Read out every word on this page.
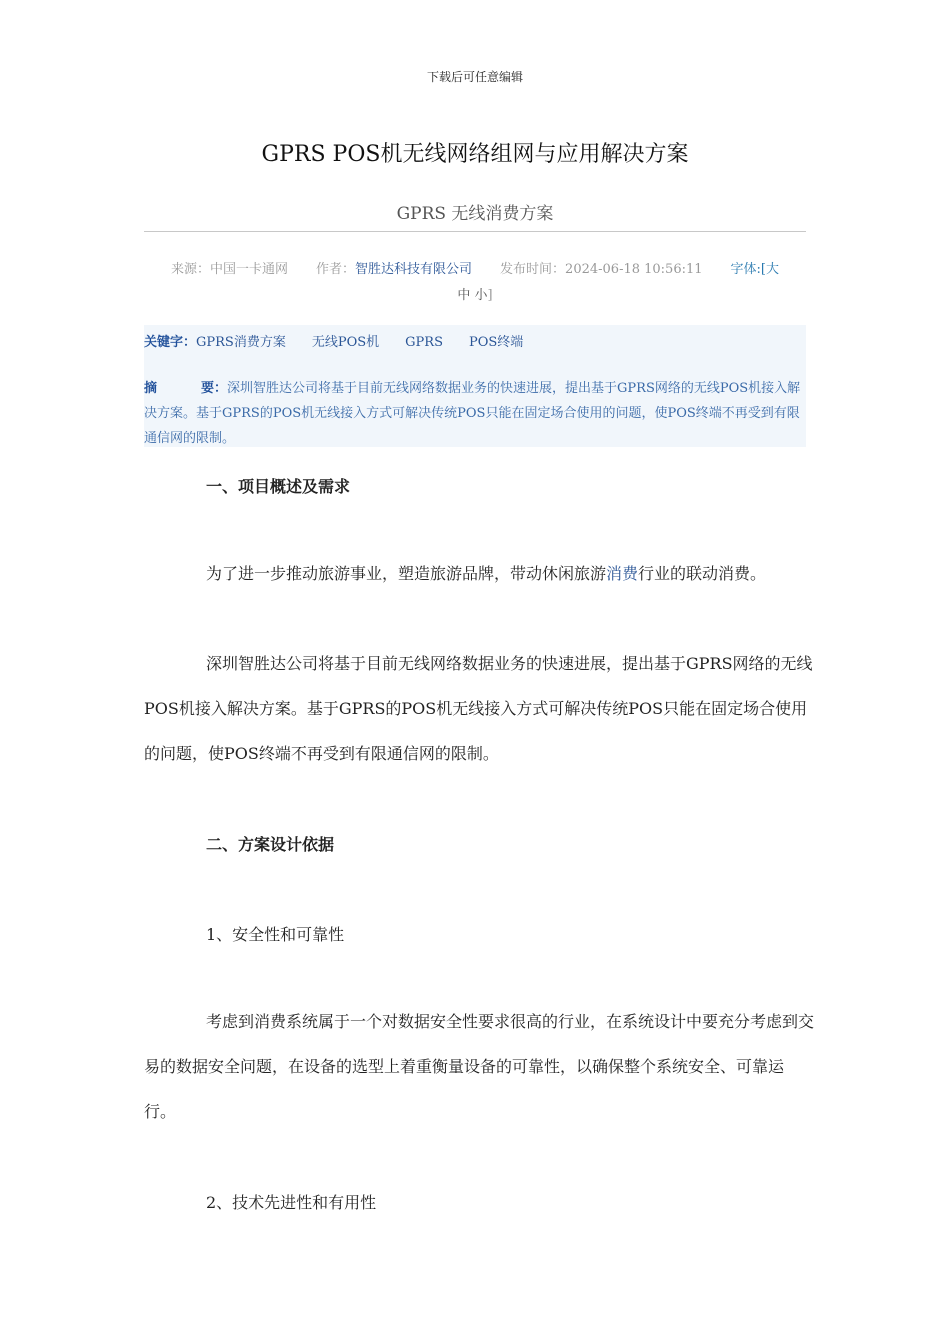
下载后可任意编辑
GPRS POS机无线网络组网与应用解决方案
GPRS 无线消费方案
来源：中国一卡通网 作者：智胜达科技有限公司 发布时间：2024-06-18 10:56:11 字体:[大
中 小]
关键字：GPRS消费方案 无线POS机 GPRS POS终端
摘	要：深圳智胜达公司将基于目前无线网络数据业务的快速进展，提出基于GPRS网络的无线POS机接入解决方案。基于GPRS的POS机无线接入方式可解决传统POS只能在固定场合使用的问题，使POS终端不再受到有限通信网的限制。
一、项目概述及需求
为了进一步推动旅游事业，塑造旅游品牌，带动休闲旅游消费行业的联动消费。
深圳智胜达公司将基于目前无线网络数据业务的快速进展，提出基于GPRS网络的无线POS机接入解决方案。基于GPRS的POS机无线接入方式可解决传统POS只能在固定场合使用的问题，使POS终端不再受到有限通信网的限制。
二、方案设计依据
1、安全性和可靠性
考虑到消费系统属于一个对数据安全性要求很高的行业，在系统设计中要充分考虑到交易的数据安全问题，在设备的选型上着重衡量设备的可靠性，以确保整个系统安全、可靠运行。
2、技术先进性和有用性
